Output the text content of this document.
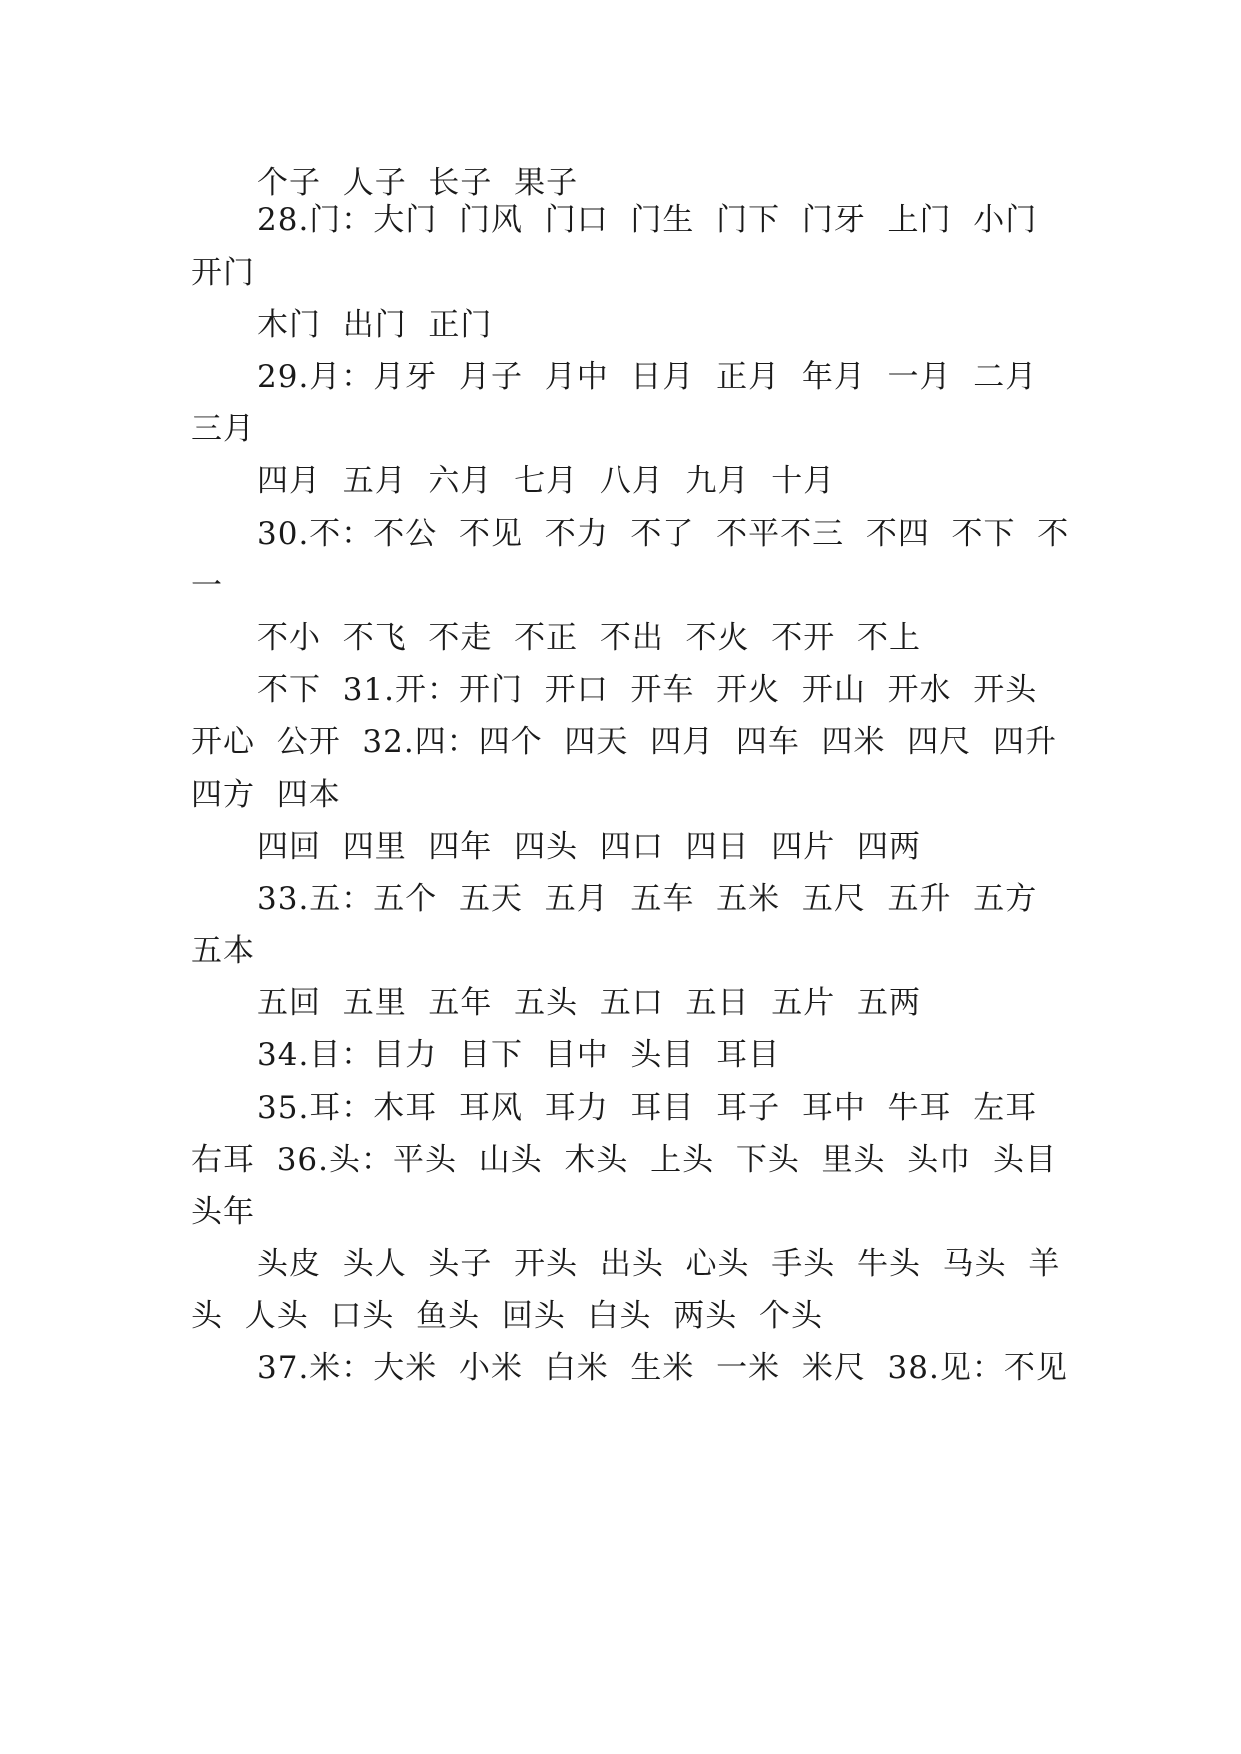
个子  人子  长子  果子
28.门：大门  门风  门口  门生  门下  门牙  上门  小门
开门
木门  出门  正门
29.月：月牙  月子  月中  日月  正月  年月  一月  二月
三月
四月  五月  六月  七月  八月  九月  十月
30.不：不公  不见  不力  不了  不平不三  不四  不下  不
一
不小  不飞  不走  不正  不出  不火  不开  不上
不下  31.开：开门  开口  开车  开火  开山  开水  开头
开心  公开  32.四：四个  四天  四月  四车  四米  四尺  四升
四方  四本
四回  四里  四年  四头  四口  四日  四片  四两
33.五：五个  五天  五月  五车  五米  五尺  五升  五方
五本
五回  五里  五年  五头  五口  五日  五片  五两
34.目：目力  目下  目中  头目  耳目
35.耳：木耳  耳风  耳力  耳目  耳子  耳中  牛耳  左耳
右耳  36.头：平头  山头  木头  上头  下头  里头  头巾  头目
头年
头皮  头人  头子  开头  出头  心头  手头  牛头  马头  羊
头  人头  口头  鱼头  回头  白头  两头  个头
37.米：大米  小米  白米  生米  一米  米尺  38.见：不见
